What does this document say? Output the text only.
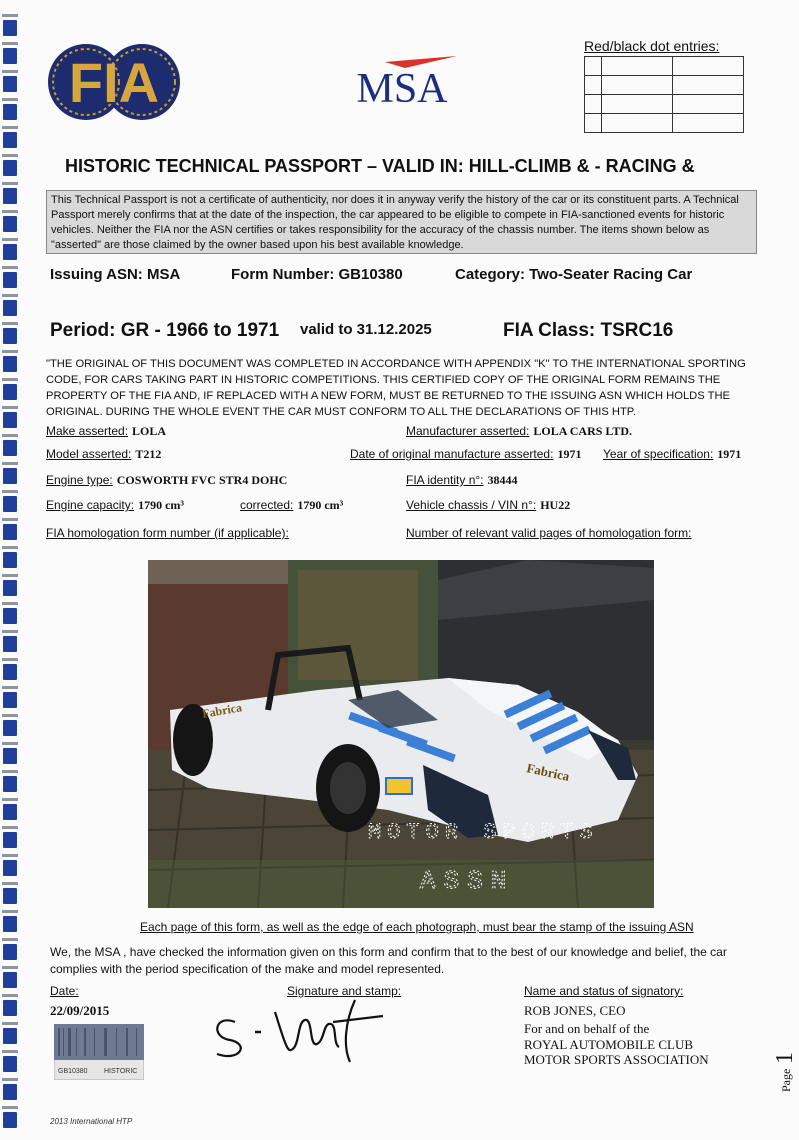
FIA	MSA
Red/black dot entries:

HISTORIC TECHNICAL PASSPORT – VALID IN: HILL-CLIMB & - RACING &
This Technical Passport is not a certificate of authenticity, nor does it in anyway verify the history of the car or its constituent parts. A Technical Passport merely confirms that at the date of the inspection, the car appeared to be eligible to compete in FIA-sanctioned events for historic vehicles. Neither the FIA nor the ASN certifies or takes responsibility for the accuracy of the chassis number. The items shown below as "asserted" are those claimed by the owner based upon his best available knowledge.
Issuing ASN: MSA	Form Number: GB10380	Category: Two-Seater Racing Car
Period: GR - 1966 to 1971 valid to 31.12.2025	FIA Class: TSRC16
"THE ORIGINAL OF THIS DOCUMENT WAS COMPLETED IN ACCORDANCE WITH APPENDIX "K" TO THE INTERNATIONAL SPORTING CODE, FOR CARS TAKING PART IN HISTORIC COMPETITIONS. THIS CERTIFIED COPY OF THE ORIGINAL FORM REMAINS THE PROPERTY OF THE FIA AND, IF REPLACED WITH A NEW FORM, MUST BE RETURNED TO THE ISSUING ASN WHICH HOLDS THE ORIGINAL. DURING THE WHOLE EVENT THE CAR MUST CONFORM TO ALL THE DECLARATIONS OF THIS HTP.
Make asserted: LOLA	Manufacturer asserted: LOLA CARS LTD.
Model asserted: T212	Date of original manufacture asserted: 1971 Year of specification: 1971
Engine type: COSWORTH FVC STR4 DOHC	FIA identity n°: 38444
Engine capacity: 1790 cm³	corrected: 1790 cm³	Vehicle chassis / VIN n°: HU22
FIA homologation form number (if applicable):	Number of relevant valid pages of homologation form:
Fabrica
Fabrica
MOTOR SPORTS
ASSN
Each page of this form, as well as the edge of each photograph, must bear the stamp of the issuing ASN
We, the MSA , have checked the information given on this form and confirm that to the best of our knowledge and belief, the car complies with the period specification of the make and model represented.
Date:
22/09/2015
Signature and stamp:	Name and status of signatory:
ROB JONES, CEO
For and on behalf of the
ROYAL AUTOMOBILE CLUB
MOTOR SPORTS ASSOCIATION
GB10380 HISTORIC	Page
1
2013 International HTP
